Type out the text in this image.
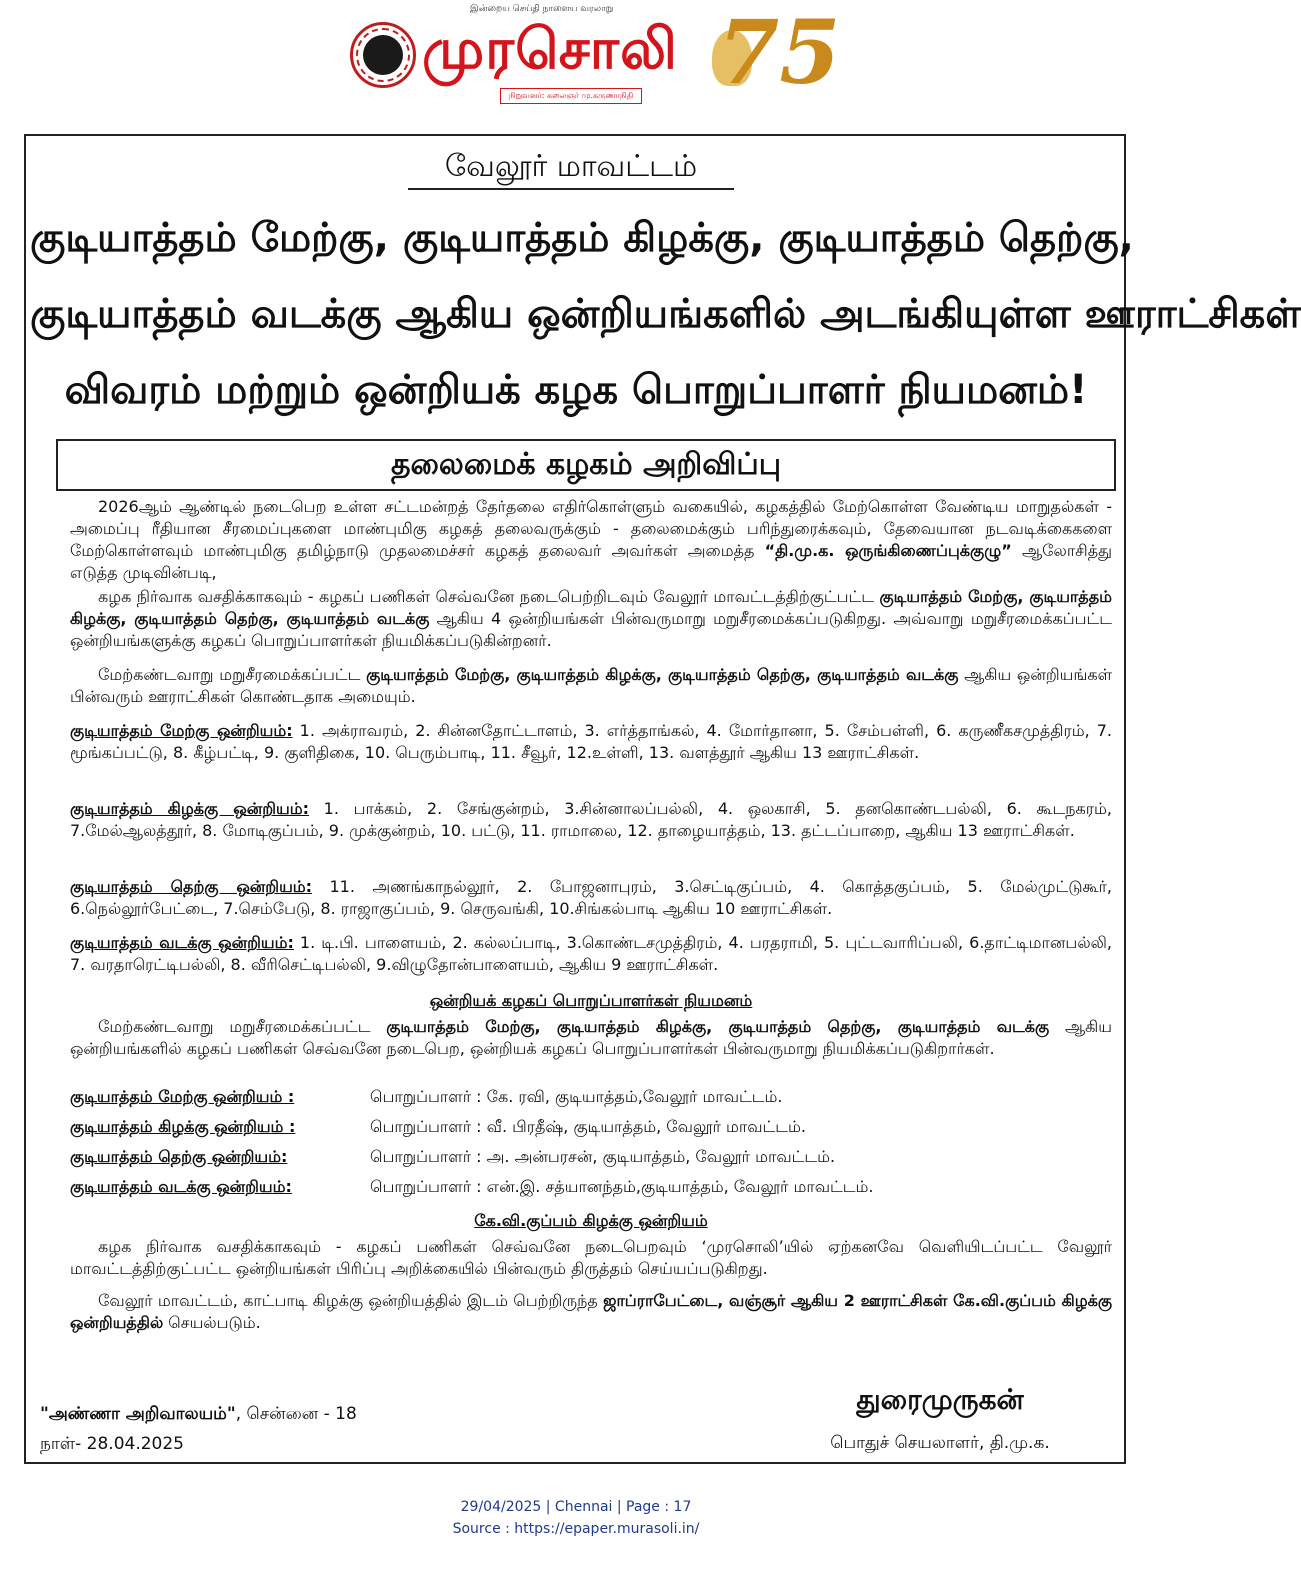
இன்றைய செய்தி நாளைய வரலாறு
முரசொலி
நிறுவனர்: கலைஞர் மு.கருணாநிதி 75
வேலூர் மாவட்டம்
குடியாத்தம் மேற்கு, குடியாத்தம் கிழக்கு, குடியாத்தம் தெற்கு,
குடியாத்தம் வடக்கு ஆகிய ஒன்றியங்களில் அடங்கியுள்ள ஊராட்சிகள்
விவரம் மற்றும் ஒன்றியக் கழக பொறுப்பாளர் நியமனம்!
தலைமைக் கழகம் அறிவிப்பு
2026ஆம் ஆண்டில் நடைபெற உள்ள சட்டமன்றத் தேர்தலை எதிர்கொள்ளும் வகையில், கழகத்தில் மேற்கொள்ள வேண்டிய மாறுதல்கள் - அமைப்பு ரீதியான சீரமைப்புகளை மாண்புமிகு கழகத் தலைவருக்கும் - தலைமைக்கும் பரிந்துரைக்கவும், தேவையான நடவடிக்கைகளை மேற்கொள்ளவும் மாண்புமிகு தமிழ்நாடு முதலமைச்சர் கழகத் தலைவர் அவர்கள் அமைத்த “தி.மு.க. ஒருங்கிணைப்புக்குழு” ஆலோசித்து எடுத்த முடிவின்படி,
கழக நிர்வாக வசதிக்காகவும் - கழகப் பணிகள் செவ்வனே நடைபெற்றிடவும் வேலூர் மாவட்டத்திற்குட்பட்ட குடியாத்தம் மேற்கு, குடியாத்தம் கிழக்கு, குடியாத்தம் தெற்கு, குடியாத்தம் வடக்கு ஆகிய 4 ஒன்றியங்கள் பின்வருமாறு மறுசீரமைக்கப்படுகிறது. அவ்வாறு மறுசீரமைக்கப்பட்ட ஒன்றியங்களுக்கு கழகப் பொறுப்பாளர்கள் நியமிக்கப்படுகின்றனர்.
மேற்கண்டவாறு மறுசீரமைக்கப்பட்ட குடியாத்தம் மேற்கு, குடியாத்தம் கிழக்கு, குடியாத்தம் தெற்கு, குடியாத்தம் வடக்கு ஆகிய ஒன்றியங்கள் பின்வரும் ஊராட்சிகள் கொண்டதாக அமையும்.
குடியாத்தம் மேற்கு ஒன்றியம்: 1. அக்ராவரம், 2. சின்னதோட்டாளம், 3. எர்த்தாங்கல், 4. மோர்தானா, 5. சேம்பள்ளி, 6. கருணீகசமுத்திரம், 7. மூங்கப்பட்டு, 8. கீழ்பட்டி, 9. குளிதிகை, 10. பெரும்பாடி, 11. சீவூர், 12.உள்ளி, 13. வளத்தூர் ஆகிய 13 ஊராட்சிகள்.
குடியாத்தம் கிழக்கு ஒன்றியம்: 1. பாக்கம், 2. சேங்குன்றம், 3.சின்னாலப்பல்லி, 4. ஒலகாசி, 5. தனகொண்டபல்லி, 6. கூடநகரம், 7.மேல்ஆலத்தூர், 8. மோடிகுப்பம், 9. முக்குன்றம், 10. பட்டு, 11. ராமாலை, 12. தாழையாத்தம், 13. தட்டப்பாறை, ஆகிய 13 ஊராட்சிகள்.
குடியாத்தம் தெற்கு ஒன்றியம்: 11. அணங்காநல்லூர், 2. போஜனாபுரம், 3.செட்டிகுப்பம், 4. கொத்தகுப்பம், 5. மேல்முட்டுகூர், 6.நெல்லூர்பேட்டை, 7.செம்பேடு, 8. ராஜாகுப்பம், 9. செருவங்கி, 10.சிங்கல்பாடி ஆகிய 10 ஊராட்சிகள்.
குடியாத்தம் வடக்கு ஒன்றியம்: 1. டி.பி. பாளையம், 2. கல்லப்பாடி, 3.கொண்டசமுத்திரம், 4. பரதராமி, 5. புட்டவாரிப்பலி, 6.தாட்டிமானபல்லி, 7. வரதாரெட்டிபல்லி, 8. வீரிசெட்டிபல்லி, 9.விழுதோன்பாளையம், ஆகிய 9 ஊராட்சிகள்.
ஒன்றியக் கழகப் பொறுப்பாளர்கள் நியமனம்
மேற்கண்டவாறு மறுசீரமைக்கப்பட்ட குடியாத்தம் மேற்கு, குடியாத்தம் கிழக்கு, குடியாத்தம் தெற்கு, குடியாத்தம் வடக்கு ஆகிய ஒன்றியங்களில் கழகப் பணிகள் செவ்வனே நடைபெற, ஒன்றியக் கழகப் பொறுப்பாளர்கள் பின்வருமாறு நியமிக்கப்படுகிறார்கள்.
குடியாத்தம் மேற்கு ஒன்றியம் :	பொறுப்பாளர் : கே. ரவி, குடியாத்தம்,வேலூர் மாவட்டம்.
குடியாத்தம் கிழக்கு ஒன்றியம் :	பொறுப்பாளர் : வீ. பிரதீஷ், குடியாத்தம், வேலூர் மாவட்டம்.
குடியாத்தம் தெற்கு ஒன்றியம்:	பொறுப்பாளர் : அ. அன்பரசன், குடியாத்தம், வேலூர் மாவட்டம்.
குடியாத்தம் வடக்கு ஒன்றியம்:	பொறுப்பாளர் : என்.இ. சத்யானந்தம்,குடியாத்தம், வேலூர் மாவட்டம்.
கே.வி.குப்பம் கிழக்கு ஒன்றியம்
கழக நிர்வாக வசதிக்காகவும் - கழகப் பணிகள் செவ்வனே நடைபெறவும் ‘முரசொலி’யில் ஏற்கனவே வெளியிடப்பட்ட வேலூர் மாவட்டத்திற்குட்பட்ட ஒன்றியங்கள் பிரிப்பு அறிக்கையில் பின்வரும் திருத்தம் செய்யப்படுகிறது.
வேலூர் மாவட்டம், காட்பாடி கிழக்கு ஒன்றியத்தில் இடம் பெற்றிருந்த ஜாப்ராபேட்டை, வஞ்சூர் ஆகிய 2 ஊராட்சிகள் கே.வி.குப்பம் கிழக்கு ஒன்றியத்தில் செயல்படும்.
"அண்ணா அறிவாலயம்", சென்னை - 18
நாள்- 28.04.2025
துரைமுருகன்
பொதுச் செயலாளர், தி.மு.க.
29/04/2025 | Chennai | Page : 17
Source : https://epaper.murasoli.in/
